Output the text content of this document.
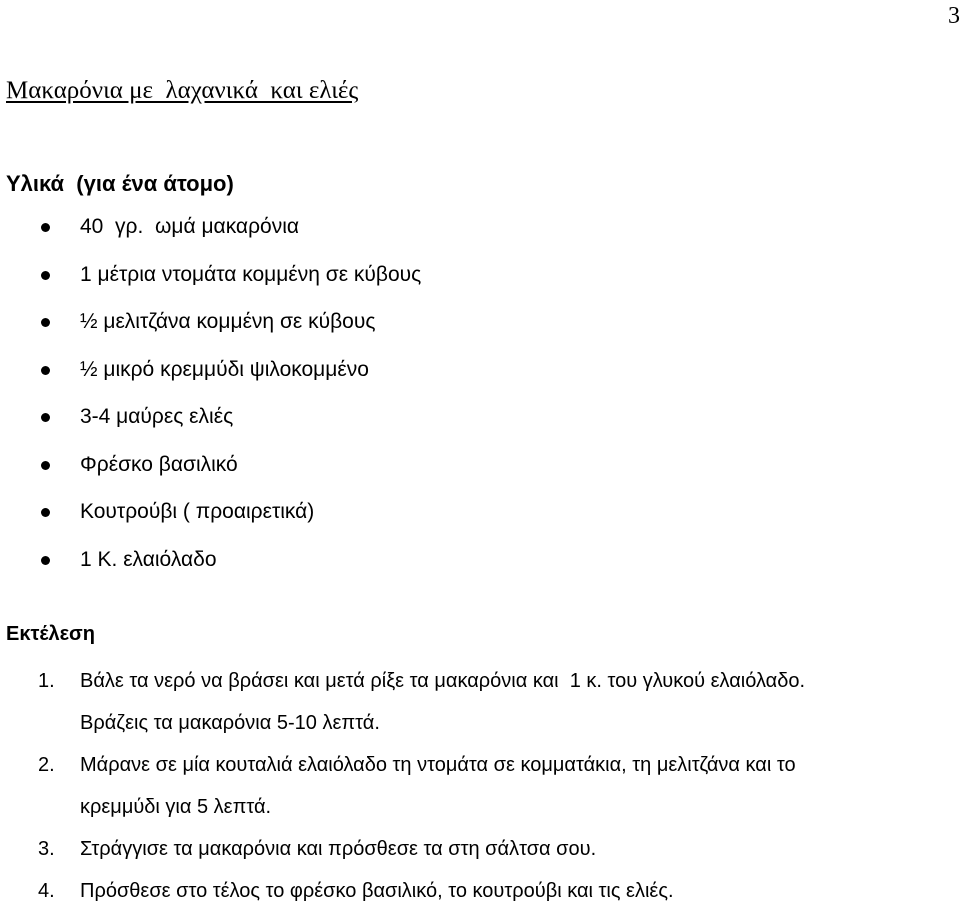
3
Μακαρόνια με  λαχανικά  και ελιές
Υλικά  (για ένα άτομο)
40  γρ.  ωμά μακαρόνια
1 μέτρια ντομάτα κομμένη σε κύβους
½ μελιτζάνα κομμένη σε κύβους
½ μικρό κρεμμύδι ψιλοκομμένο
3-4 μαύρες ελιές
Φρέσκο βασιλικό
Κουτρούβι ( προαιρετικά)
1 Κ. ελαιόλαδο
Εκτέλεση
1. Βάλε τα νερό να βράσει και μετά ρίξε τα μακαρόνια και  1 κ. του γλυκού ελαιόλαδο.
Βράζεις τα μακαρόνια 5-10 λεπτά.
2. Μάρανε σε μία κουταλιά ελαιόλαδο τη ντομάτα σε κομματάκια, τη μελιτζάνα και το
κρεμμύδι για 5 λεπτά.
3. Στράγγισε τα μακαρόνια και πρόσθεσε τα στη σάλτσα σου.
4. Πρόσθεσε στο τέλος το φρέσκο βασιλικό, το κουτρούβι και τις ελιές.
